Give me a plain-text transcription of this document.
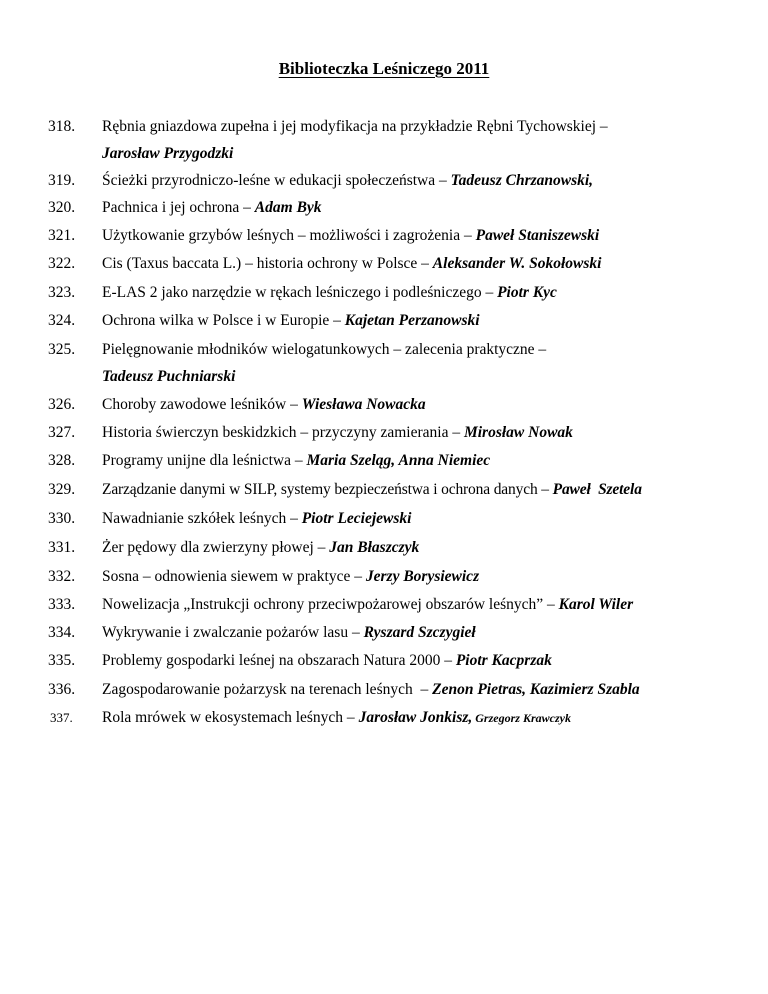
Biblioteczka Leśniczego 2011
318. Rębnia gniazdowa zupełna i jej modyfikacja na przykładzie Rębni Tychowskiej –
Jarosław Przygodzki
319. Ścieżki przyrodniczo-leśne w edukacji społeczeństwa – Tadeusz Chrzanowski,
320. Pachnica i jej ochrona – Adam Byk
321. Użytkowanie grzybów leśnych – możliwości i zagrożenia – Paweł Staniszewski
322. Cis (Taxus baccata L.) – historia ochrony w Polsce – Aleksander W. Sokołowski
323. E-LAS 2 jako narzędzie w rękach leśniczego i podleśniczego – Piotr Kyc
324. Ochrona wilka w Polsce i w Europie – Kajetan Perzanowski
325. Pielęgnowanie młodników wielogatunkowych – zalecenia praktyczne –
Tadeusz Puchniarski
326. Choroby zawodowe leśników – Wiesława Nowacka
327. Historia świerczyn beskidzkich – przyczyny zamierania – Mirosław Nowak
328. Programy unijne dla leśnictwa – Maria Szeląg, Anna Niemiec
329. Zarządzanie danymi w SILP, systemy bezpieczeństwa i ochrona danych – Paweł  Szetela
330. Nawadnianie szkółek leśnych – Piotr Leciejewski
331. Żer pędowy dla zwierzyny płowej – Jan Błaszczyk
332. Sosna – odnowienia siewem w praktyce – Jerzy Borysiewicz
333. Nowelizacja „Instrukcji ochrony przeciwpożarowej obszarów leśnych” – Karol Wiler
334. Wykrywanie i zwalczanie pożarów lasu – Ryszard Szczygieł
335. Problemy gospodarki leśnej na obszarach Natura 2000 – Piotr Kacprzak
336. Zagospodarowanie pożarzysk na terenach leśnych  – Zenon Pietras, Kazimierz Szabla
337. Rola mrówek w ekosystemach leśnych – Jarosław Jonkisz, Grzegorz Krawczyk
